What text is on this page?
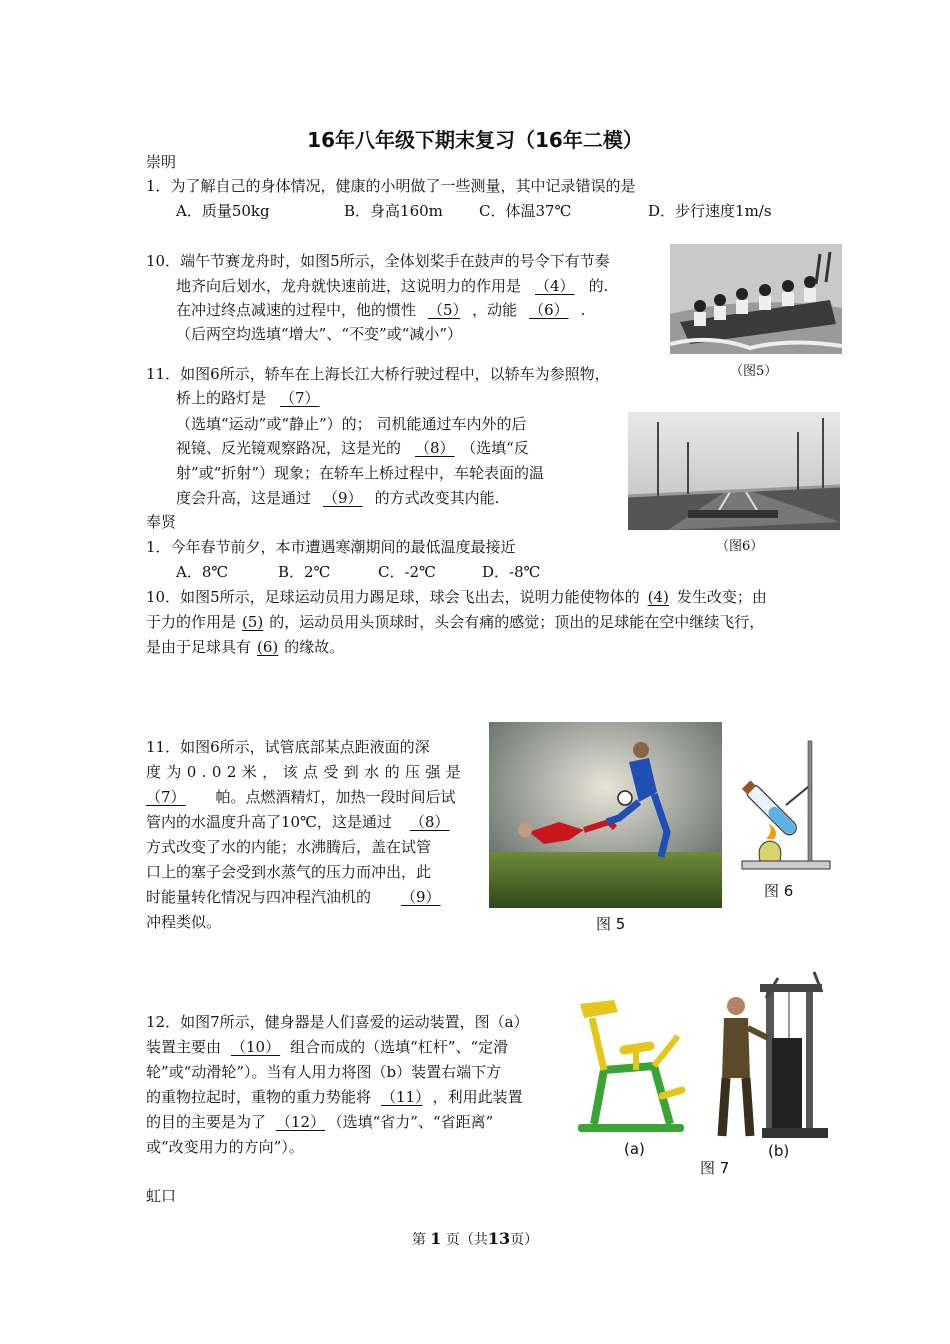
16年八年级下期末复习（16年二模）
崇明
1．为了解自己的身体情况，健康的小明做了一些测量，其中记录错误的是
A．质量50kg	B．身高160m C．体温37℃	D．步行速度1m/s
10．端午节赛龙舟时，如图5所示，全体划桨手在鼓声的号令下有节奏
地齐向后划水，龙舟就快速前进，这说明力的作用是 （4） 的.
在冲过终点减速的过程中，他的惯性 （5） ，动能 （6） .
（后两空均选填“增大”、“不变”或“减小”）
（图5）
11．如图6所示，轿车在上海长江大桥行驶过程中，以轿车为参照物，
桥上的路灯是 （7）
（选填“运动”或“静止”）的； 司机能通过车内外的后
视镜、反光镜观察路况，这是光的 （8） （选填“反
射”或“折射”）现象；在轿车上桥过程中，车轮表面的温
度会升高，这是通过 （9） 的方式改变其内能.
（图6）
奉贤
1．今年春节前夕，本市遭遇寒潮期间的最低温度最接近
A．8℃	B．2℃	C．-2℃	D．-8℃
10．如图5所示，足球运动员用力踢足球，球会飞出去，说明力能使物体的 (4) 发生改变；由
于力的作用是 (5) 的，运动员用头顶球时，头会有痛的感觉；顶出的足球能在空中继续飞行，
是由于足球具有 (6) 的缘故。
11．如图6所示，试管底部某点距液面的深
度为0.02米，该点受到水的压强是
（7） 帕。点燃酒精灯，加热一段时间后试
管内的水温度升高了10℃，这是通过 （8）
方式改变了水的内能；水沸腾后，盖在试管
口上的塞子会受到水蒸气的压力而冲出，此
时能量转化情况与四冲程汽油机的 （9）
冲程类似。	图 5
图 6
12．如图7所示，健身器是人们喜爱的运动装置，图（a）
装置主要由 （10） 组合而成的（选填“杠杆”、“定滑
轮”或“动滑轮”）。当有人用力将图（b）装置右端下方
的重物拉起时，重物的重力势能将 （11） ，利用此装置
的目的主要是为了 （12） （选填“省力”、“省距离”
或“改变用力的方向”）。	(a)	(b)
图 7
虹口
第 1 页（共13页）
